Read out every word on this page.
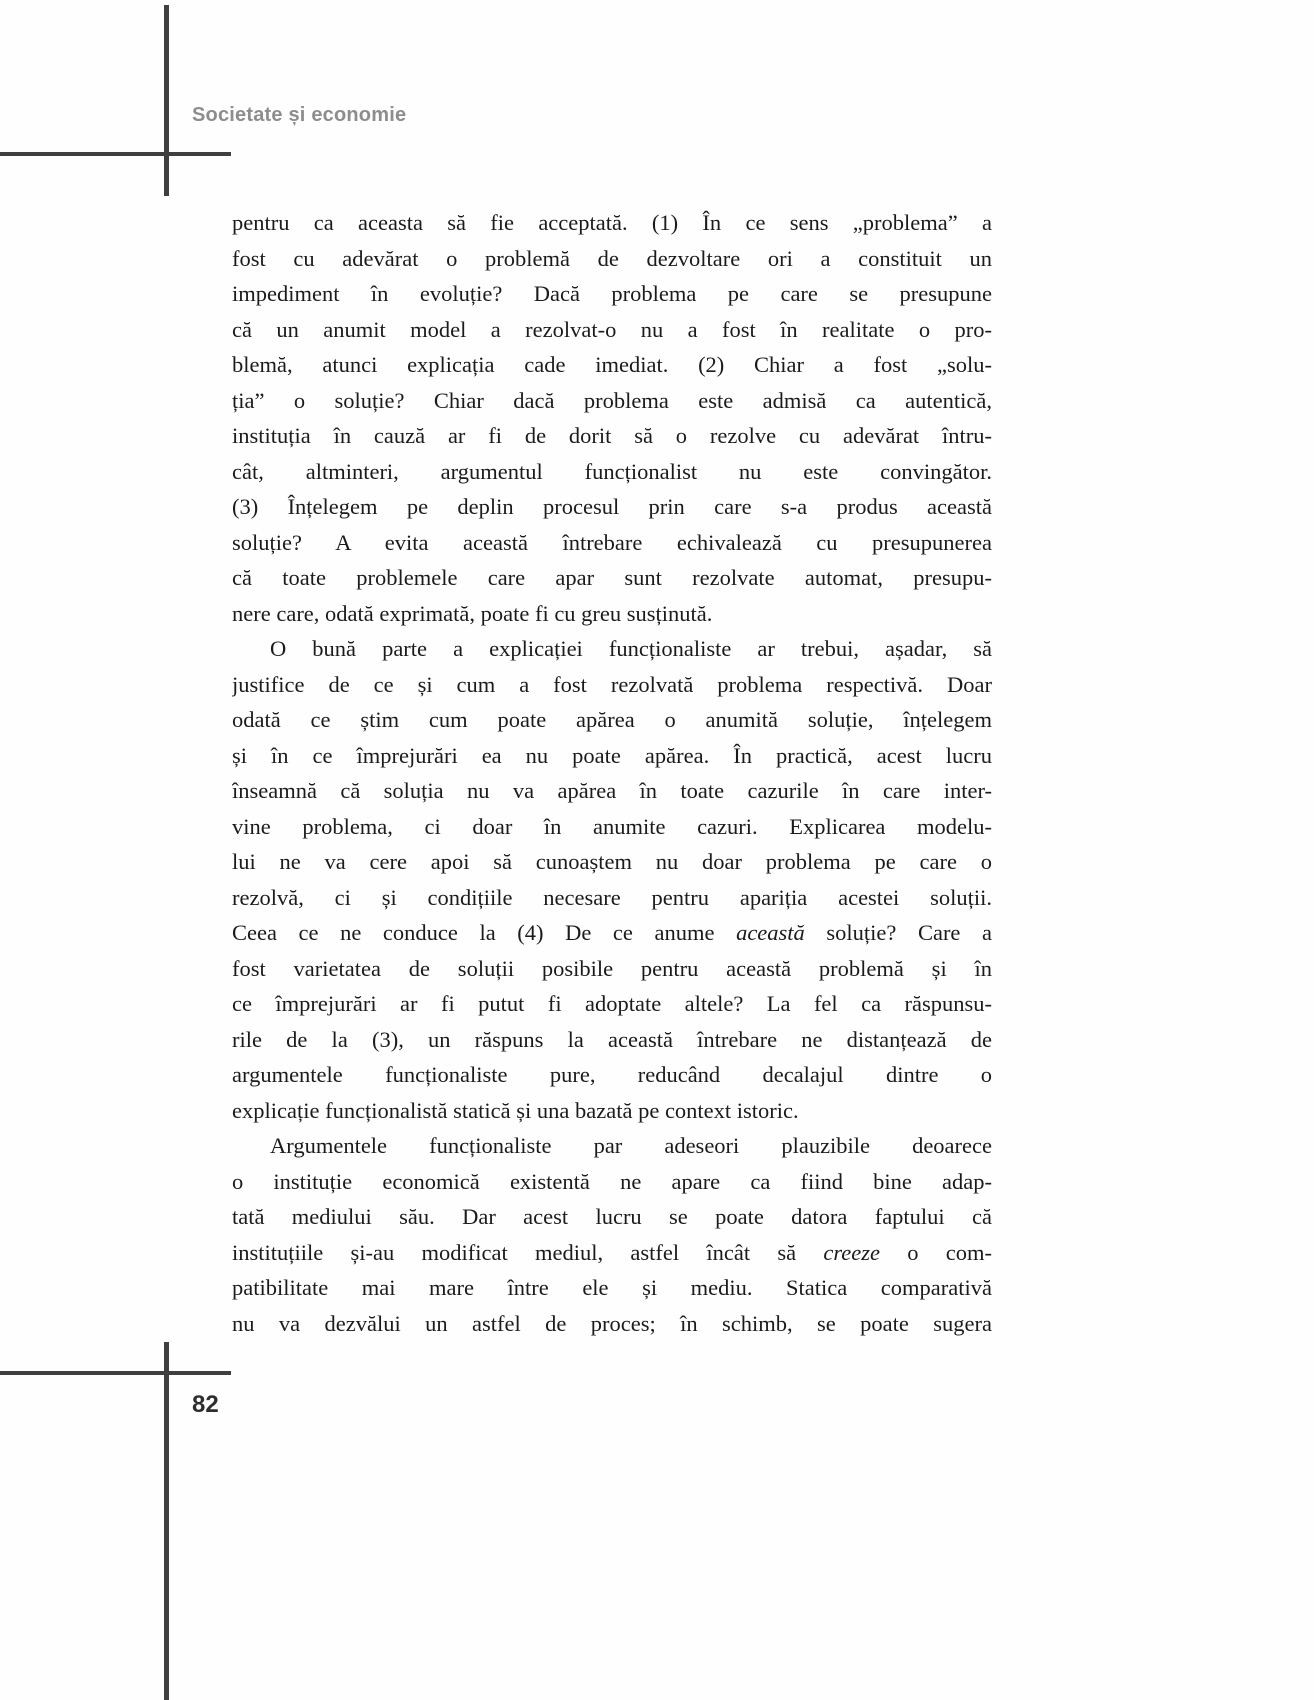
Societate și economie
pentru ca aceasta să fie acceptată. (1) În ce sens „problema” a
fost cu adevărat o problemă de dezvoltare ori a constituit un
impediment în evoluție? Dacă problema pe care se presupune
că un anumit model a rezolvat-o nu a fost în realitate o pro-
blemă, atunci explicația cade imediat. (2) Chiar a fost „solu-
ția” o soluție? Chiar dacă problema este admisă ca autentică,
instituția în cauză ar fi de dorit să o rezolve cu adevărat întru-
cât, altminteri, argumentul funcționalist nu este convingător.
(3) Înțelegem pe deplin procesul prin care s-a produs această
soluție? A evita această întrebare echivalează cu presupunerea
că toate problemele care apar sunt rezolvate automat, presupu-
nere care, odată exprimată, poate fi cu greu susținută.
O bună parte a explicației funcționaliste ar trebui, așadar, să
justifice de ce și cum a fost rezolvată problema respectivă. Doar
odată ce știm cum poate apărea o anumită soluție, înțelegem
și în ce împrejurări ea nu poate apărea. În practică, acest lucru
înseamnă că soluția nu va apărea în toate cazurile în care inter-
vine problema, ci doar în anumite cazuri. Explicarea modelu-
lui ne va cere apoi să cunoaștem nu doar problema pe care o
rezolvă, ci și condițiile necesare pentru apariția acestei soluții.
Ceea ce ne conduce la (4) De ce anume această soluție? Care a
fost varietatea de soluții posibile pentru această problemă și în
ce împrejurări ar fi putut fi adoptate altele? La fel ca răspunsu-
rile de la (3), un răspuns la această întrebare ne distanțează de
argumentele funcționaliste pure, reducând decalajul dintre o
explicație funcționalistă statică și una bazată pe context istoric.
Argumentele funcționaliste par adeseori plauzibile deoarece
o instituție economică existentă ne apare ca fiind bine adap-
tată mediului său. Dar acest lucru se poate datora faptului că
instituțiile și-au modificat mediul, astfel încât să creeze o com-
patibilitate mai mare între ele și mediu. Statica comparativă
nu va dezvălui un astfel de proces; în schimb, se poate sugera
82
